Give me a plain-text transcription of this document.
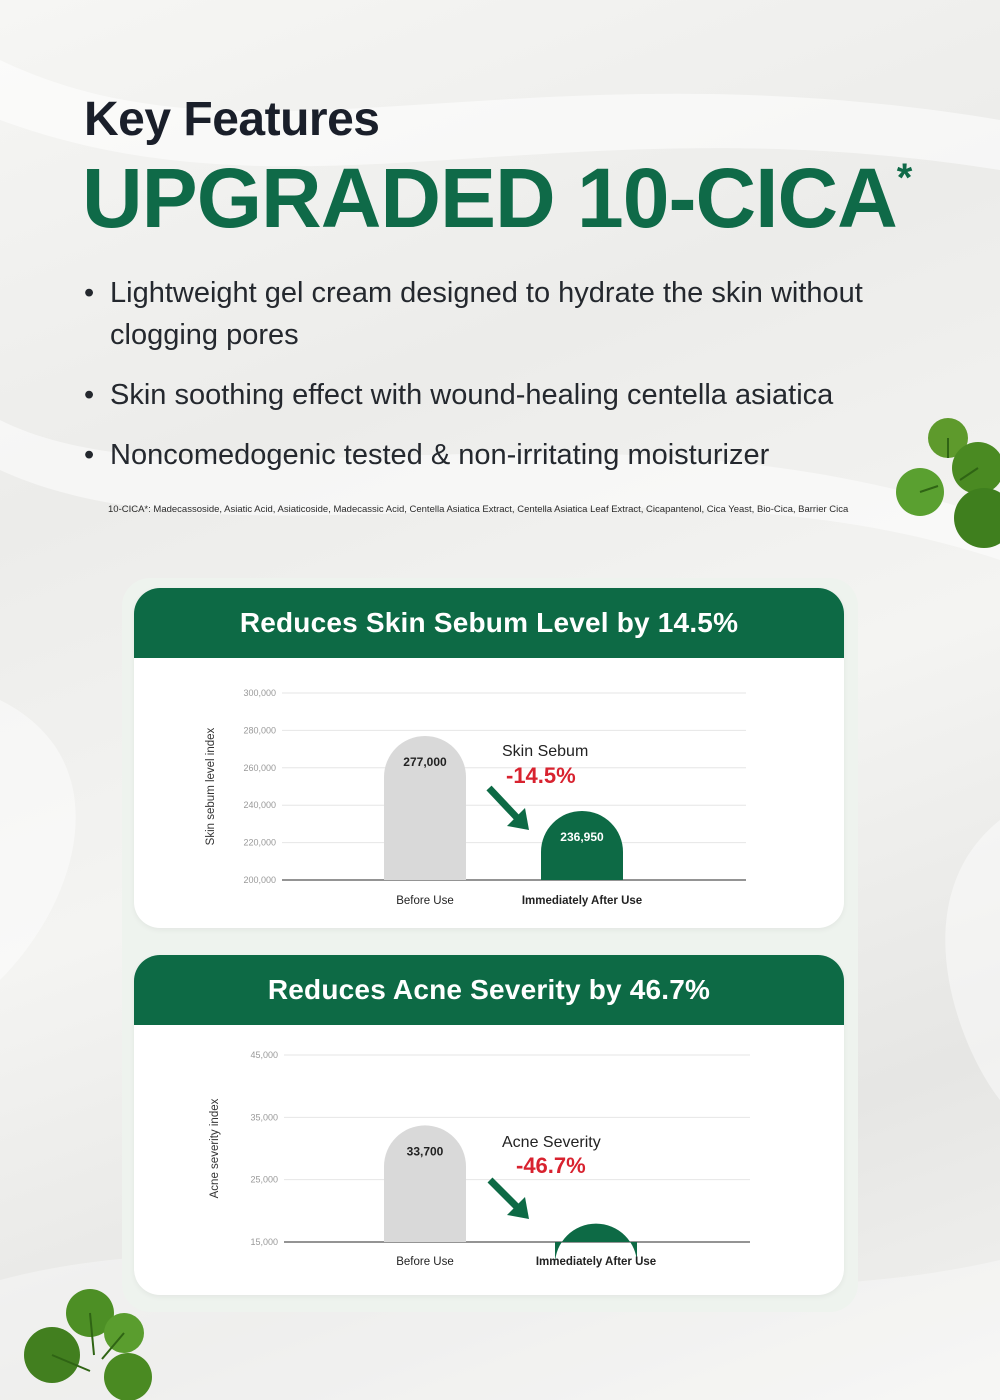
Key Features
UPGRADED 10-CICA*
• Lightweight gel cream designed to hydrate the skin without clogging pores
• Skin soothing effect with wound-healing centella asiatica
• Noncomedogenic tested & non-irritating moisturizer
10-CICA*: Madecassoside, Asiatic Acid, Asiaticoside, Madecassic Acid, Centella Asiatica Extract, Centella Asiatica Leaf Extract, Cicapantenol, Cica Yeast, Bio-Cica, Barrier Cica
Reduces Skin Sebum Level by 14.5%
300,000
280,000
260,000
240,000
220,000
200,000
Skin sebum level index	277,000
Before Use
236,950
Immediately After Use
Skin Sebum
-14.5%
Reduces Acne Severity by 46.7%
45,000
35,000
25,000
15,000
Acne severity index	33,700
Before Use
17,950
Immediately After Use
Acne Severity
-46.7%
